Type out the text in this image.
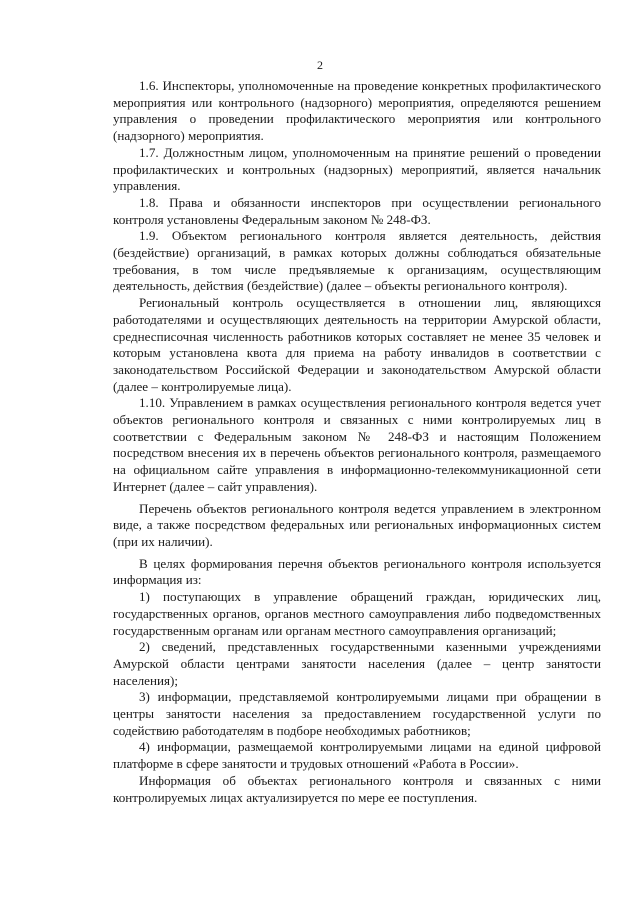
2

1.6. Инспекторы, уполномоченные на проведение конкретных профилактического мероприятия или контрольного (надзорного) мероприятия, определяются решением управления о проведении профилактического мероприятия или контрольного (надзорного) мероприятия.

1.7. Должностным лицом, уполномоченным на принятие решений о проведении профилактических и контрольных (надзорных) мероприятий, является начальник управления.

1.8. Права и обязанности инспекторов при осуществлении регионального контроля установлены Федеральным законом № 248-ФЗ.

1.9. Объектом регионального контроля является деятельность, действия (бездействие) организаций, в рамках которых должны соблюдаться обязательные требования, в том числе предъявляемые к организациям, осуществляющим деятельность, действия (бездействие) (далее – объекты регионального контроля).

Региональный контроль осуществляется в отношении лиц, являющихся работодателями и осуществляющих деятельность на территории Амурской области, среднесписочная численность работников которых составляет не менее 35 человек и которым установлена квота для приема на работу инвалидов в соответствии с законодательством Российской Федерации и законодательством Амурской области (далее – контролируемые лица).

1.10. Управлением в рамках осуществления регионального контроля ведется учет объектов регионального контроля и связанных с ними контролируемых лиц в соответствии с Федеральным законом № 248-ФЗ и настоящим Положением посредством внесения их в перечень объектов регионального контроля, размещаемого на официальном сайте управления в информационно-телекоммуникационной сети Интернет (далее – сайт управления).

Перечень объектов регионального контроля ведется управлением в электронном виде, а также посредством федеральных или региональных информационных систем (при их наличии).

В целях формирования перечня объектов регионального контроля используется информация из:

1) поступающих в управление обращений граждан, юридических лиц, государственных органов, органов местного самоуправления либо подведомственных государственным органам или органам местного самоуправления организаций;

2) сведений, представленных государственными казенными учреждениями Амурской области центрами занятости населения (далее – центр занятости населения);

3) информации, представляемой контролируемыми лицами при обращении в центры занятости населения за предоставлением государственной услуги по содействию работодателям в подборе необходимых работников;

4) информации, размещаемой контролируемыми лицами на единой цифровой платформе в сфере занятости и трудовых отношений «Работа в России».

Информация об объектах регионального контроля и связанных с ними контролируемых лицах актуализируется по мере ее поступления.
